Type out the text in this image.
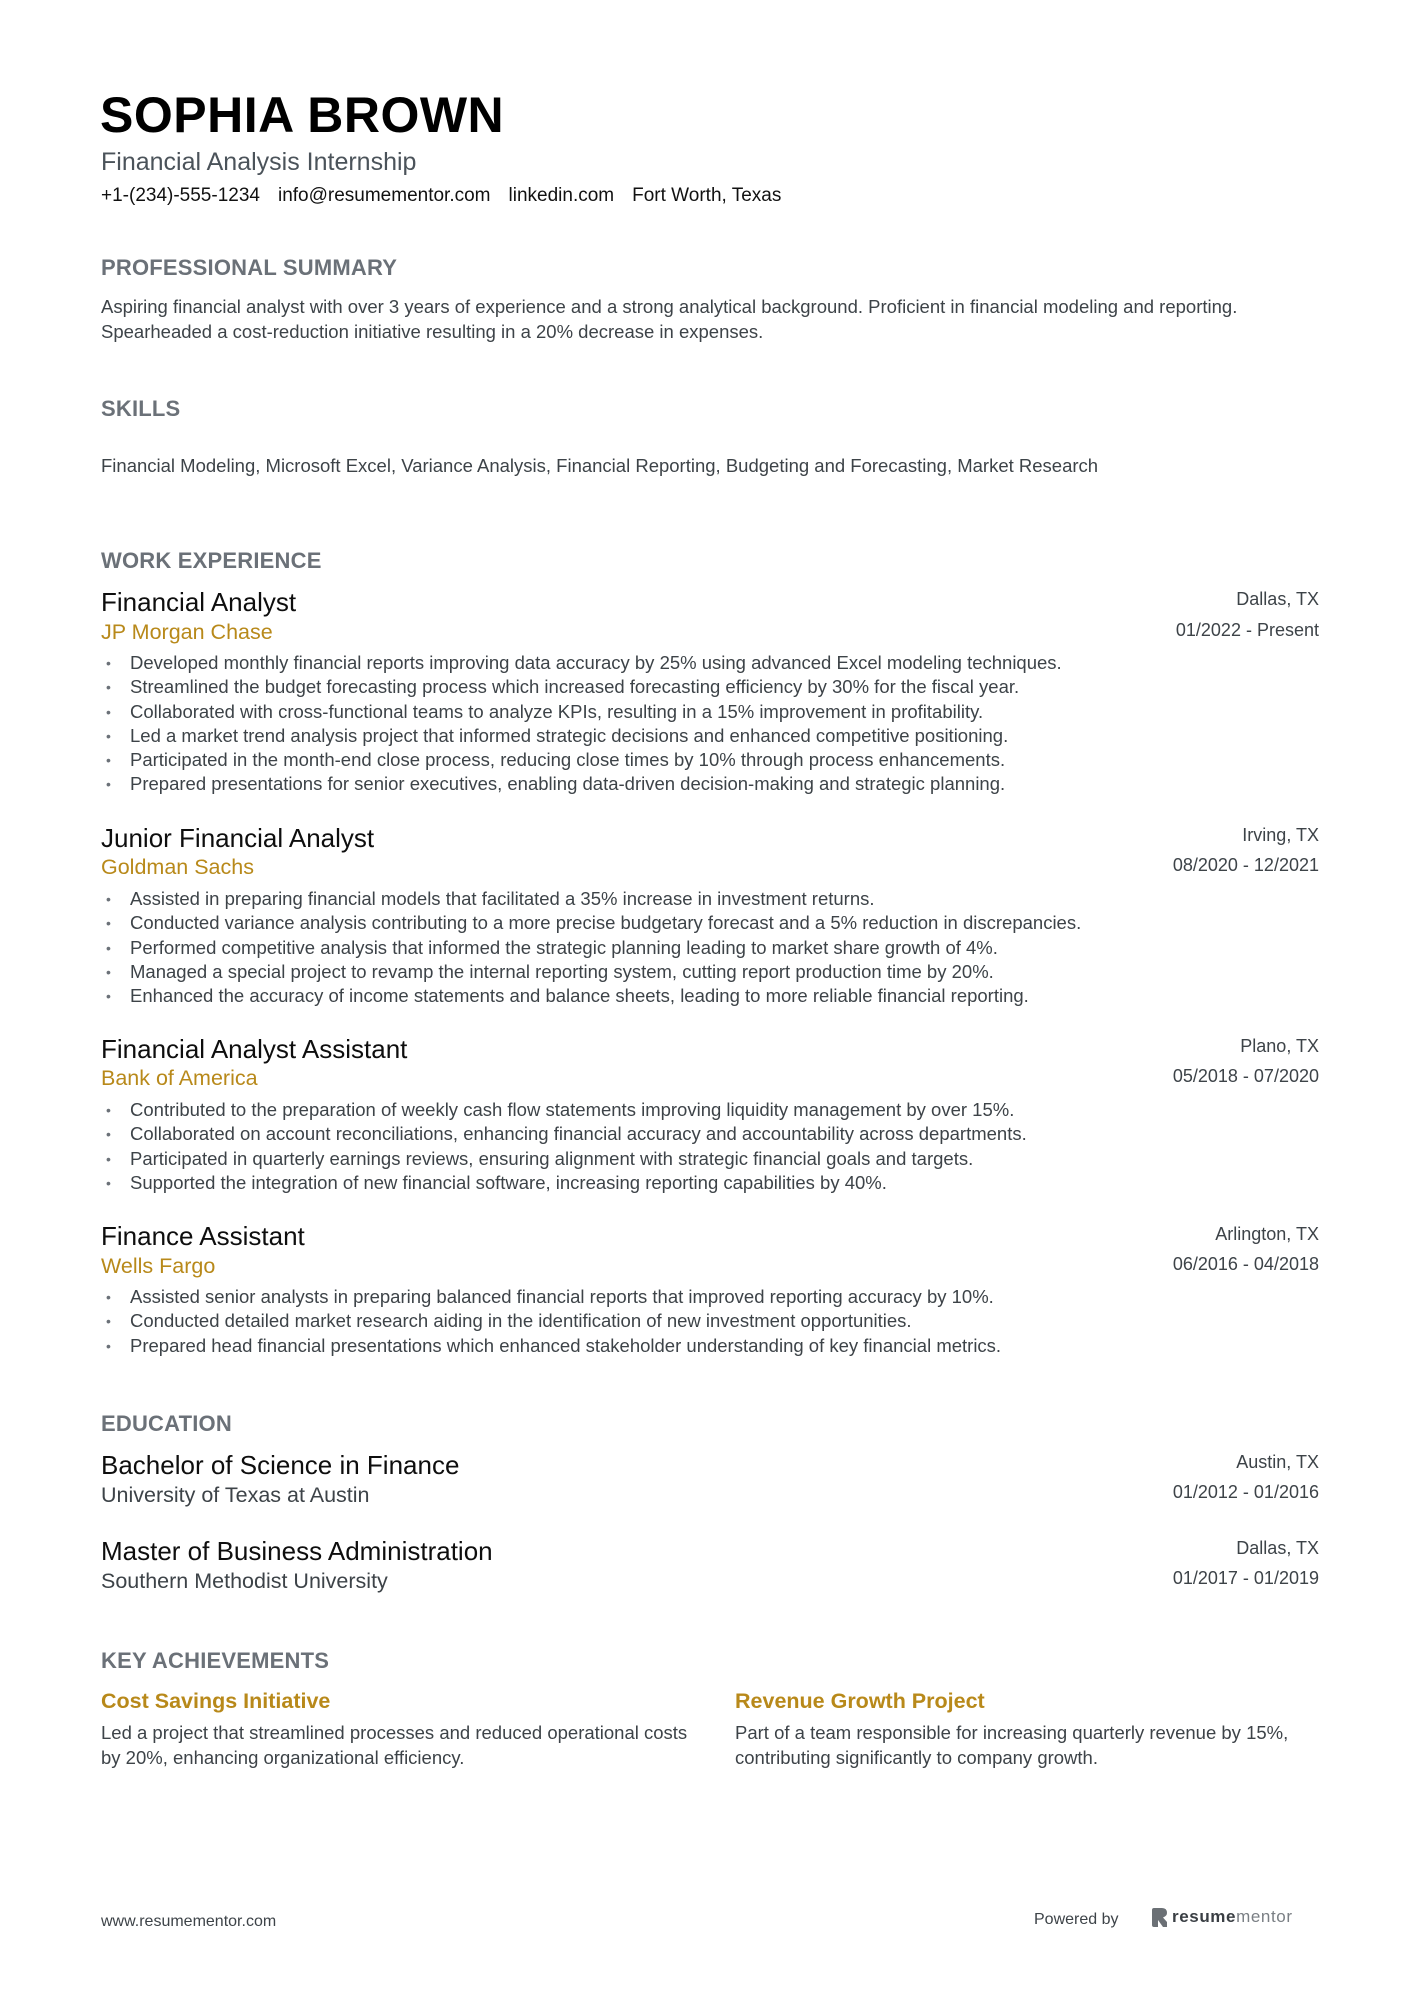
SOPHIA BROWN
Financial Analysis Internship
+1-(234)-555-1234 info@resumementor.com linkedin.com Fort Worth, Texas
PROFESSIONAL SUMMARY
Aspiring financial analyst with over 3 years of experience and a strong analytical background. Proficient in financial modeling and reporting. Spearheaded a cost-reduction initiative resulting in a 20% decrease in expenses.
SKILLS
Financial Modeling, Microsoft Excel, Variance Analysis, Financial Reporting, Budgeting and Forecasting, Market Research
WORK EXPERIENCE
Financial Analyst
JP Morgan Chase
Dallas, TX
01/2022 - Present
• Developed monthly financial reports improving data accuracy by 25% using advanced Excel modeling techniques.
• Streamlined the budget forecasting process which increased forecasting efficiency by 30% for the fiscal year.
• Collaborated with cross-functional teams to analyze KPIs, resulting in a 15% improvement in profitability.
• Led a market trend analysis project that informed strategic decisions and enhanced competitive positioning.
• Participated in the month-end close process, reducing close times by 10% through process enhancements.
• Prepared presentations for senior executives, enabling data-driven decision-making and strategic planning.
Junior Financial Analyst
Goldman Sachs
Irving, TX
08/2020 - 12/2021
• Assisted in preparing financial models that facilitated a 35% increase in investment returns.
• Conducted variance analysis contributing to a more precise budgetary forecast and a 5% reduction in discrepancies.
• Performed competitive analysis that informed the strategic planning leading to market share growth of 4%.
• Managed a special project to revamp the internal reporting system, cutting report production time by 20%.
• Enhanced the accuracy of income statements and balance sheets, leading to more reliable financial reporting.
Financial Analyst Assistant
Bank of America
Plano, TX
05/2018 - 07/2020
• Contributed to the preparation of weekly cash flow statements improving liquidity management by over 15%.
• Collaborated on account reconciliations, enhancing financial accuracy and accountability across departments.
• Participated in quarterly earnings reviews, ensuring alignment with strategic financial goals and targets.
• Supported the integration of new financial software, increasing reporting capabilities by 40%.
Finance Assistant
Wells Fargo
Arlington, TX
06/2016 - 04/2018
• Assisted senior analysts in preparing balanced financial reports that improved reporting accuracy by 10%.
• Conducted detailed market research aiding in the identification of new investment opportunities.
• Prepared head financial presentations which enhanced stakeholder understanding of key financial metrics.
EDUCATION
Bachelor of Science in Finance
University of Texas at Austin
Austin, TX
01/2012 - 01/2016
Master of Business Administration
Southern Methodist University
Dallas, TX
01/2017 - 01/2019
KEY ACHIEVEMENTS
Cost Savings Initiative
Led a project that streamlined processes and reduced operational costs by 20%, enhancing organizational efficiency.
Revenue Growth Project
Part of a team responsible for increasing quarterly revenue by 15%, contributing significantly to company growth.
www.resumementor.com	Powered by	resumementor
